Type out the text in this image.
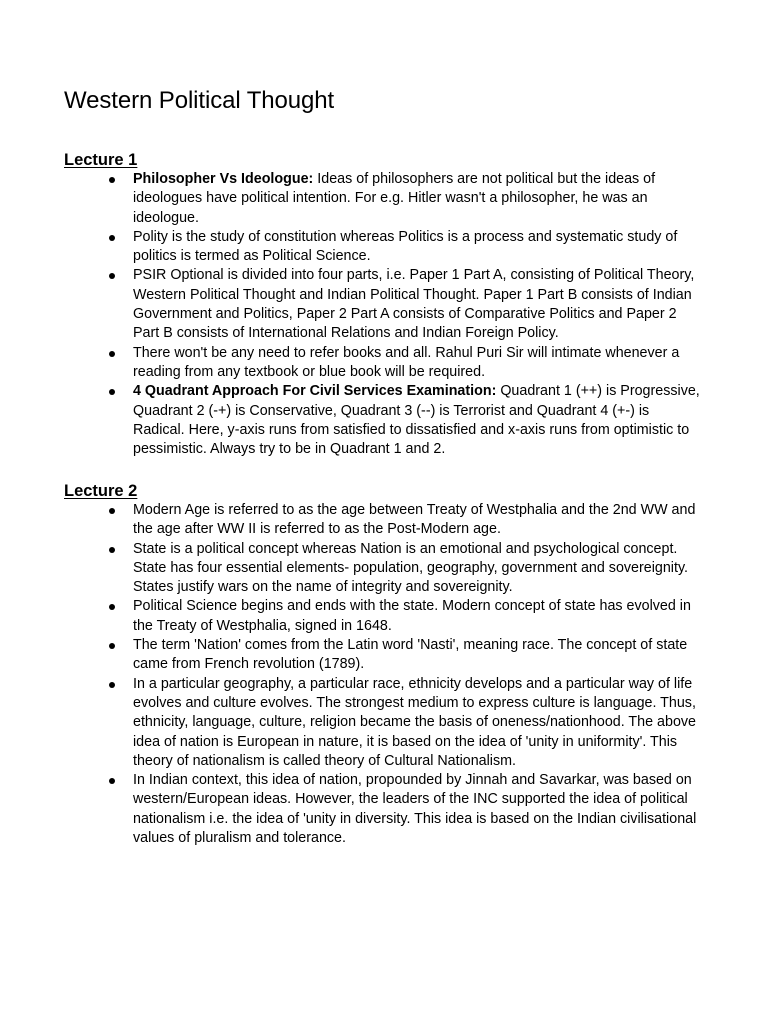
Western Political Thought
Lecture 1
Philosopher Vs Ideologue: Ideas of philosophers are not political but the ideas of ideologues have political intention. For e.g. Hitler wasn't a philosopher, he was an ideologue.
Polity is the study of constitution whereas Politics is a process and systematic study of politics is termed as Political Science.
PSIR Optional is divided into four parts, i.e. Paper 1 Part A, consisting of Political Theory, Western Political Thought and Indian Political Thought. Paper 1 Part B consists of Indian Government and Politics, Paper 2 Part A consists of Comparative Politics and Paper 2 Part B consists of International Relations and Indian Foreign Policy.
There won't be any need to refer books and all. Rahul Puri Sir will intimate whenever a reading from any textbook or blue book will be required.
4 Quadrant Approach For Civil Services Examination: Quadrant 1 (++) is Progressive, Quadrant 2 (-+) is Conservative, Quadrant 3 (--) is Terrorist and Quadrant 4 (+-) is Radical. Here, y-axis runs from satisfied to dissatisfied and x-axis runs from optimistic to pessimistic. Always try to be in Quadrant 1 and 2.
Lecture 2
Modern Age is referred to as the age between Treaty of Westphalia and the 2nd WW and the age after WW II is referred to as the Post-Modern age.
State is a political concept whereas Nation is an emotional and psychological concept. State has four essential elements- population, geography, government and sovereignity. States justify wars on the name of integrity and sovereignity.
Political Science begins and ends with the state. Modern concept of state has evolved in the Treaty of Westphalia, signed in 1648.
The term 'Nation' comes from the Latin word 'Nasti', meaning race. The concept of state came from French revolution (1789).
In a particular geography, a particular race, ethnicity develops and a particular way of life evolves and culture evolves. The strongest medium to express culture is language. Thus, ethnicity, language, culture, religion became the basis of oneness/nationhood. The above idea of nation is European in nature, it is based on the idea of 'unity in uniformity'. This theory of nationalism is called theory of Cultural Nationalism.
In Indian context, this idea of nation, propounded by Jinnah and Savarkar, was based on western/European ideas. However, the leaders of the INC supported the idea of political nationalism i.e. the idea of 'unity in diversity. This idea is based on the Indian civilisational values of pluralism and tolerance.
